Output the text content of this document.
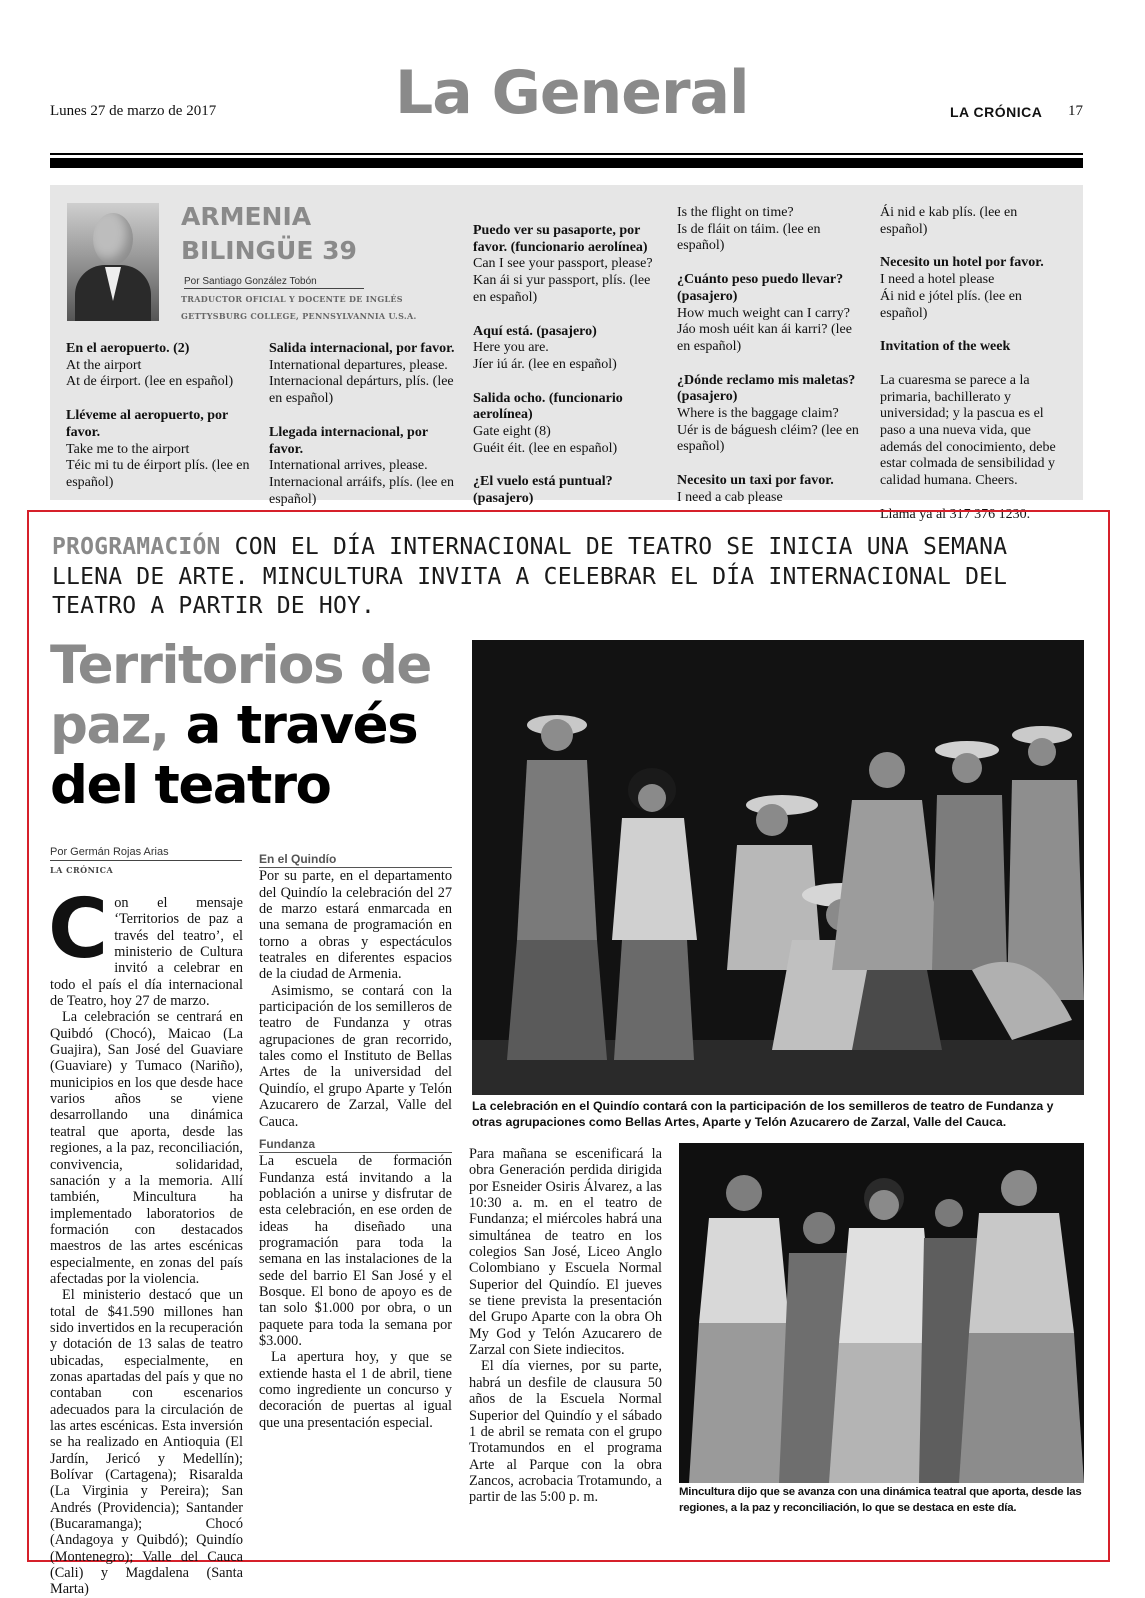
Lunes 27 de marzo de 2017	La General	LA CRÓNICA 17
ARMENIA
BILINGÜE 39
Por Santiago González Tobón
TRADUCTOR OFICIAL Y DOCENTE DE INGLÉS
GETTYSBURG COLLEGE, PENNSYLVANNIA U.S.A.

En el aeropuerto. (2)
At the airport
At de éirport. (lee en español)

Lléveme al aeropuerto, por favor.
Take me to the airport
Téic mi tu de éirport plís. (lee en español)

Salida internacional, por favor.
International departures, please.
Internacional depárturs, plís. (lee en español)

Llegada internacional, por favor.
International arrives, please.
Internacional arráifs, plís. (lee en español)

Puedo ver su pasaporte, por favor. (funcionario aerolínea)
Can I see your passport, please?
Kan ái si yur passport, plís. (lee en español)

Aquí está. (pasajero)
Here you are.
Jíer iú ár. (lee en español)

Salida ocho. (funcionario aerolínea)
Gate eight (8)
Guéit éit. (lee en español)

¿El vuelo está puntual? (pasajero)

Is the flight on time?
Is de fláit on táim. (lee en español)

¿Cuánto peso puedo llevar? (pasajero)
How much weight can I carry?
Jáo mosh uéit kan ái karri? (lee en español)

¿Dónde reclamo mis maletas? (pasajero)
Where is the baggage claim?
Uér is de báguesh cléim? (lee en español)

Necesito un taxi por favor.
I need a cab please

Ái nid e kab plís. (lee en español)

Necesito un hotel por favor.
I need a hotel please
Ái nid e jótel plís. (lee en español)

Invitation of the week

La cuaresma se parece a la primaria, bachillerato y universidad; y la pascua es el paso a una nueva vida, que además del conocimiento, debe estar colmada de sensibilidad y calidad humana. Cheers.

Llama ya al 317 376 1230.

PROGRAMACIÓN CON EL DÍA INTERNACIONAL DE TEATRO SE INICIA UNA SEMANA LLENA DE ARTE. MINCULTURA INVITA A CELEBRAR EL DÍA INTERNACIONAL DEL TEATRO A PARTIR DE HOY.
Territorios de
paz, a través
del teatro
Por Germán Rojas Arias
LA CRÓNICA

Con el mensaje ‘Territorios de paz a través del teatro’, el ministerio de Cultura invitó a celebrar en todo el país el día internacional de Teatro, hoy 27 de marzo.

La celebración se centrará en Quibdó (Chocó), Maicao (La Guajira), San José del Guaviare (Guaviare) y Tumaco (Nariño), municipios en los que desde hace varios años se viene desarrollando una dinámica teatral que aporta, desde las regiones, a la paz, reconciliación, convivencia, solidaridad, sanación y a la memoria. Allí también, Mincultura ha implementado laboratorios de formación con destacados maestros de las artes escénicas especialmente, en zonas del país afectadas por la violencia.

El ministerio destacó que un total de $41.590 millones han sido invertidos en la recuperación y dotación de 13 salas de teatro ubicadas, especialmente, en zonas apartadas del país y que no contaban con escenarios adecuados para la circulación de las artes escénicas. Esta inversión se ha realizado en Antioquia (El Jardín, Jericó y Medellín); Bolívar (Cartagena); Risaralda (La Virginia y Pereira); San Andrés (Providencia); Santander (Bucaramanga); Chocó (Andagoya y Quibdó); Quindío (Montenegro); Valle del Cauca (Cali) y Magdalena (Santa Marta)

En el Quindío

Por su parte, en el departamento del Quindío la celebración del 27 de marzo estará enmarcada en una semana de programación en torno a obras y espectáculos teatrales en diferentes espacios de la ciudad de Armenia.

Asimismo, se contará con la participación de los semilleros de teatro de Fundanza y otras agrupaciones de gran recorrido, tales como el Instituto de Bellas Artes de la universidad del Quindío, el grupo Aparte y Telón Azucarero de Zarzal, Valle del Cauca.

Fundanza

La escuela de formación Fundanza está invitando a la población a unirse y disfrutar de esta celebración, en ese orden de ideas ha diseñado una programación para toda la semana en las instalaciones de la sede del barrio El San José y el Bosque. El bono de apoyo es de tan solo $1.000 por obra, o un paquete para toda la semana por $3.000.

La apertura hoy, y que se extiende hasta el 1 de abril, tiene como ingrediente un concurso y decoración de puertas al igual que una presentación especial.

Para mañana se escenificará la obra Generación perdida dirigida por Esneider Osiris Álvarez, a las 10:30 a. m. en el teatro de Fundanza; el miércoles habrá una simultánea de teatro en los colegios San José, Liceo Anglo Colombiano y Escuela Normal Superior del Quindío. El jueves se tiene prevista la presentación del Grupo Aparte con la obra Oh My God y Telón Azucarero de Zarzal con Siete indiecitos.

El día viernes, por su parte, habrá un desfile de clausura 50 años de la Escuela Normal Superior del Quindío y el sábado 1 de abril se remata con el grupo Trotamundos en el programa Arte al Parque con la obra Zancos, acrobacia Trotamundo, a partir de las 5:00 p. m.

La celebración en el Quindío contará con la participación de los semilleros de teatro de Fundanza y otras agrupaciones como Bellas Artes, Aparte y Telón Azucarero de Zarzal, Valle del Cauca.
Mincultura dijo que se avanza con una dinámica teatral que aporta, desde las regiones, a la paz y reconciliación, lo que se destaca en este día.
